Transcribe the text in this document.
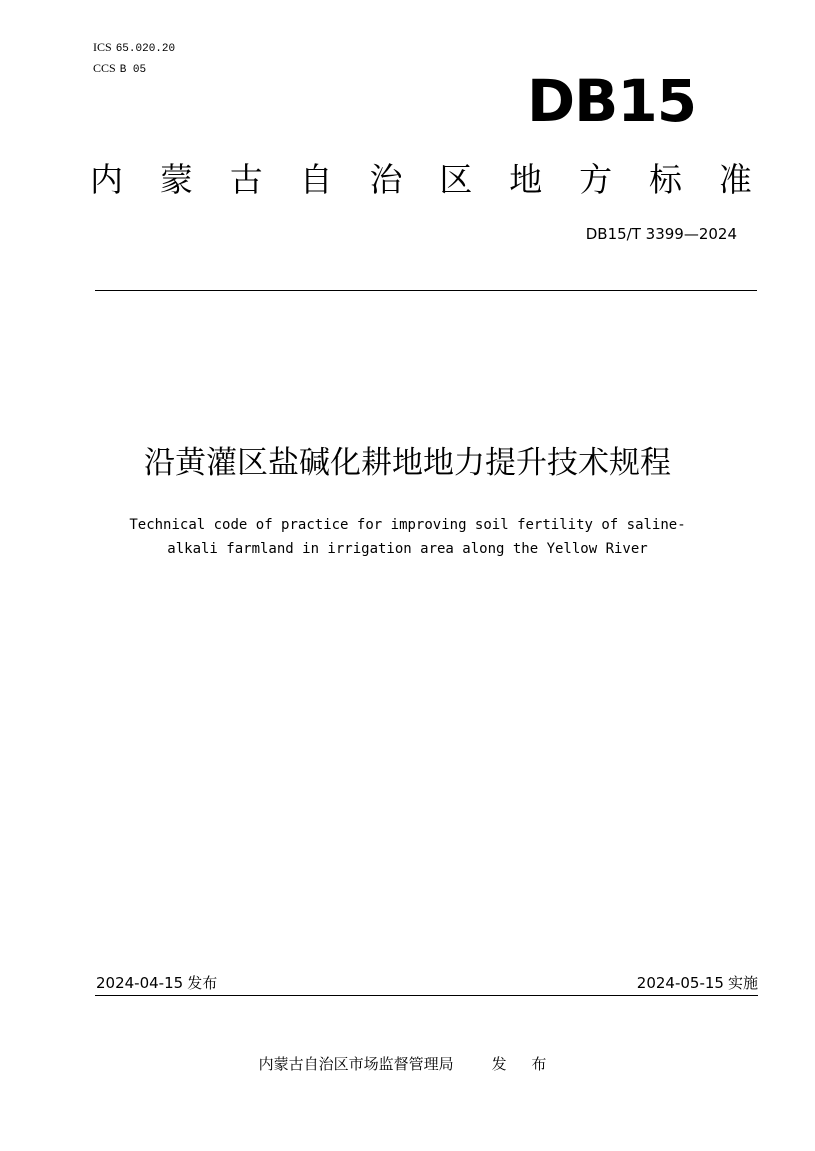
ICS 65.020.20
CCS B 05	DB15
内 蒙 古 自 治 区 地 方 标 准
DB15/T 3399—2024
沿黄灌区盐碱化耕地地力提升技术规程
Technical code of practice for improving soil fertility of saline-
alkali farmland in irrigation area along the Yellow River
2024-04-15 发布	2024-05-15 实施
内蒙古自治区市场监督管理局	发 布
